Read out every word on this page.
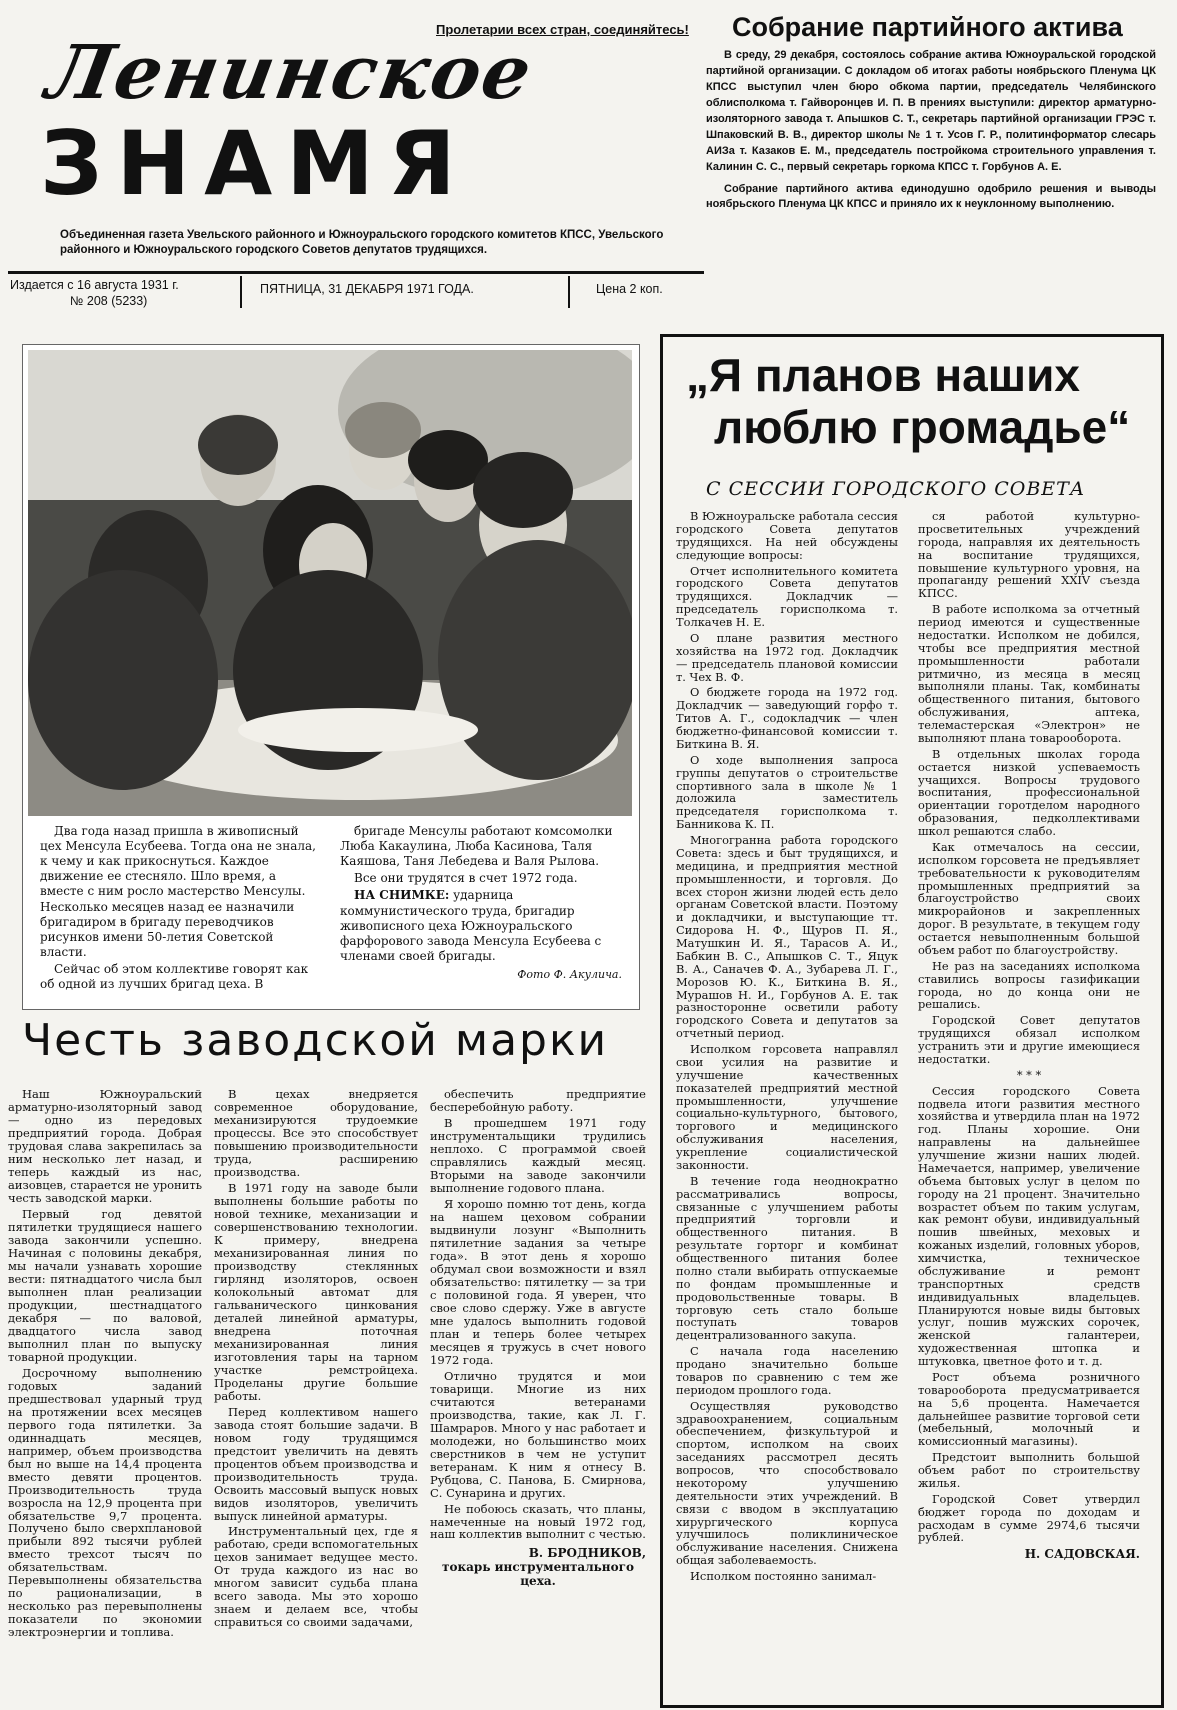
Пролетарии всех стран, соединяйтесь!
Ленинское
ЗНАМЯ
Объединенная газета Увельского районного и Южноуральского городского комитетов КПСС, Увельского районного и Южноуральского городского Советов депутатов трудящихся.
Издается с 16 августа 1931 г.
№ 208 (5233)
ПЯТНИЦА, 31 ДЕКАБРЯ 1971 ГОДА.	Цена 2 коп.
Собрание партийного актива

В среду, 29 декабря, состоялось собрание актива Южноуральской городской партийной организации. С докладом об итогах работы ноябрьского Пленума ЦК КПСС выступил член бюро обкома партии, председатель Челябинского облисполкома т. Гайворонцев И. П. В прениях выступили: директор арматурно-изоляторного завода т. Апышков С. Т., секретарь партийной организации ГРЭС т. Шпаковский В. В., директор школы № 1 т. Усов Г. Р., политинформатор слесарь АИЗа т. Казаков Е. М., председатель постройкома строительного управления т. Калинин С. С., первый секретарь горкома КПСС т. Горбунов А. Е.

Собрание партийного актива единодушно одобрило решения и выводы ноябрьского Пленума ЦК КПСС и приняло их к неуклонному выполнению.

Два года назад пришла в живописный цех Менсула Есубеева. Тогда она не знала, к чему и как прикоснуться. Каждое движение ее стесняло. Шло время, а вместе с ним росло мастерство Менсулы. Несколько месяцев назад ее назначили бригадиром в бригаду переводчиков рисунков имени 50-летия Советской власти.

Сейчас об этом коллективе говорят как об одной из лучших бригад цеха. В

бригаде Менсулы работают комсомолки Люба Какаулина, Люба Касинова, Таля Каяшова, Таня Лебедева и Валя Рылова.

Все они трудятся в счет 1972 года.

НА СНИМКЕ: ударница коммунистического труда, бригадир живописного цеха Южноуральского фарфорового завода Менсула Есубеева с членами своей бригады.

Фото Ф. Акулича.
Честь заводской марки

Наш Южноуральский арматурно-изоляторный завод — одно из передовых предприятий города. Добрая трудовая слава закрепилась за ним несколько лет назад, и теперь каждый из нас, аизовцев, старается не уронить честь заводской марки.

Первый год девятой пятилетки трудящиеся нашего завода закончили успешно. Начиная с половины декабря, мы начали узнавать хорошие вести: пятнадцатого числа был выполнен план реализации продукции, шестнадцатого декабря — по валовой, двадцатого числа завод выполнил план по выпуску товарной продукции.

Досрочному выполнению годовых заданий предшествовал ударный труд на протяжении всех месяцев первого года пятилетки. За одиннадцать месяцев, например, объем производства был но выше на 14,4 процента вместо девяти процентов. Производительность труда возросла на 12,9 процента при обязательстве 9,7 процента. Получено было сверхплановой прибыли 892 тысячи рублей вместо трехсот тысяч по обязательствам. Перевыполнены обязательства по рационализации, в несколько раз перевыполнены показатели по экономии электроэнергии и топлива.

В цехах внедряется современное оборудование, механизируются трудоемкие процессы. Все это способствует повышению производительности труда, расширению производства.

В 1971 году на заводе были выполнены большие работы по новой технике, механизации и совершенствованию технологии. К примеру, внедрена механизированная линия по производству стеклянных гирлянд изоляторов, освоен колокольный автомат для гальванического цинкования деталей линейной арматуры, внедрена поточная механизированная линия изготовления тары на тарном участке ремстройцеха. Проделаны другие большие работы.

Перед коллективом нашего завода стоят большие задачи. В новом году трудящимся предстоит увеличить на девять процентов объем производства и производительность труда. Освоить массовый выпуск новых видов изоляторов, увеличить выпуск линейной арматуры.

Инструментальный цех, где я работаю, среди вспомогательных цехов занимает ведущее место. От труда каждого из нас во многом зависит судьба плана всего завода. Мы это хорошо знаем и делаем все, чтобы справиться со своими задачами,

обеспечить предприятие бесперебойную работу.

В прошедшем 1971 году инструментальщики трудились неплохо. С программой своей справлялись каждый месяц. Вторыми на заводе закончили выполнение годового плана.

Я хорошо помню тот день, когда на нашем цеховом собрании выдвинули лозунг «Выполнить пятилетние задания за четыре года». В этот день я хорошо обдумал свои возможности и взял обязательство: пятилетку — за три с половиной года. Я уверен, что свое слово сдержу. Уже в августе мне удалось выполнить годовой план и теперь более четырех месяцев я тружусь в счет нового 1972 года.

Отлично трудятся и мои товарищи. Многие из них считаются ветеранами производства, такие, как Л. Г. Шамраров. Много у нас работает и молодежи, но большинство моих сверстников в чем не уступит ветеранам. К ним я отнесу В. Рубцова, С. Панова, Б. Смирнова, С. Сунарина и других.

Не побоюсь сказать, что планы, намеченные на новый 1972 год, наш коллектив выполнит с честью.

В. БРОДНИКОВ,
токарь инструментального цеха.
„Я планов наших
люблю громадье“
С СЕССИИ ГОРОДСКОГО СОВЕТА

В Южноуральске работала сессия городского Совета депутатов трудящихся. На ней обсуждены следующие вопросы:

Отчет исполнительного комитета городского Совета депутатов трудящихся. Докладчик — председатель горисполкома т. Толкачев Н. Е.

О плане развития местного хозяйства на 1972 год. Докладчик — председатель плановой комиссии т. Чех В. Ф.

О бюджете города на 1972 год. Докладчик — заведующий горфо т. Титов А. Г., содокладчик — член бюджетно-финансовой комиссии т. Биткина В. Я.

О ходе выполнения запроса группы депутатов о строительстве спортивного зала в школе № 1 доложила заместитель председателя горисполкома т. Банникова К. П.

Многогранна работа городского Совета: здесь и быт трудящихся, и медицина, и предприятия местной промышленности, и торговля. До всех сторон жизни людей есть дело органам Советской власти. Поэтому и докладчики, и выступающие тт. Сидорова Н. Ф., Щуров П. Я., Матушкин И. Я., Тарасов А. И., Бабкин В. С., Апышков С. Т., Яцук В. А., Саначев Ф. А., Зубарева Л. Г., Морозов Ю. К., Биткина В. Я., Мурашов Н. И., Горбунов А. Е. так разносторонне осветили работу городского Совета и депутатов за отчетный период.

Исполком горсовета направлял свои усилия на развитие и улучшение качественных показателей предприятий местной промышленности, улучшение социально-культурного, бытового, торгового и медицинского обслуживания населения, укрепление социалистической законности.

В течение года неоднократно рассматривались вопросы, связанные с улучшением работы предприятий торговли и общественного питания. В результате горторг и комбинат общественного питания более полно стали выбирать отпускаемые по фондам промышленные и продовольственные товары. В торговую сеть стало больше поступать товаров децентрализованного закупа.

С начала года населению продано значительно больше товаров по сравнению с тем же периодом прошлого года.

Осуществляя руководство здравоохранением, социальным обеспечением, физкультурой и спортом, исполком на своих заседаниях рассмотрел десять вопросов, что способствовало некоторому улучшению деятельности этих учреждений. В связи с вводом в эксплуатацию хирургического корпуса улучшилось поликлиническое обслуживание населения. Снижена общая заболеваемость.

Исполком постоянно занимал-

ся работой культурно-просветительных учреждений города, направляя их деятельность на воспитание трудящихся, повышение культурного уровня, на пропаганду решений XXIV съезда КПСС.

В работе исполкома за отчетный период имеются и существенные недостатки. Исполком не добился, чтобы все предприятия местной промышленности работали ритмично, из месяца в месяц выполняли планы. Так, комбинаты общественного питания, бытового обслуживания, аптека, телемастерская «Электрон» не выполняют плана товарооборота.

В отдельных школах города остается низкой успеваемость учащихся. Вопросы трудового воспитания, профессиональной ориентации горотделом народного образования, педколлективами школ решаются слабо.

Как отмечалось на сессии, исполком горсовета не предъявляет требовательности к руководителям промышленных предприятий за благоустройство своих микрорайонов и закрепленных дорог. В результате, в текущем году остается невыполненным большой объем работ по благоустройству.

Не раз на заседаниях исполкома ставились вопросы газификации города, но до конца они не решались.

Городской Совет депутатов трудящихся обязал исполком устранить эти и другие имеющиеся недостатки.

* * *

Сессия городского Совета подвела итоги развития местного хозяйства и утвердила план на 1972 год. Планы хорошие. Они направлены на дальнейшее улучшение жизни наших людей. Намечается, например, увеличение объема бытовых услуг в целом по городу на 21 процент. Значительно возрастет объем по таким услугам, как ремонт обуви, индивидуальный пошив швейных, меховых и кожаных изделий, головных уборов, химчистка, техническое обслуживание и ремонт транспортных средств индивидуальных владельцев. Планируются новые виды бытовых услуг, пошив мужских сорочек, женской галантереи, художественная штопка и штуковка, цветное фото и т. д.

Рост объема розничного товарооборота предусматривается на 5,6 процента. Намечается дальнейшее развитие торговой сети (мебельный, молочный и комиссионный магазины).

Предстоит выполнить большой объем работ по строительству жилья.

Городской Совет утвердил бюджет города по доходам и расходам в сумме 2974,6 тысячи рублей.

Н. САДОВСКАЯ.
